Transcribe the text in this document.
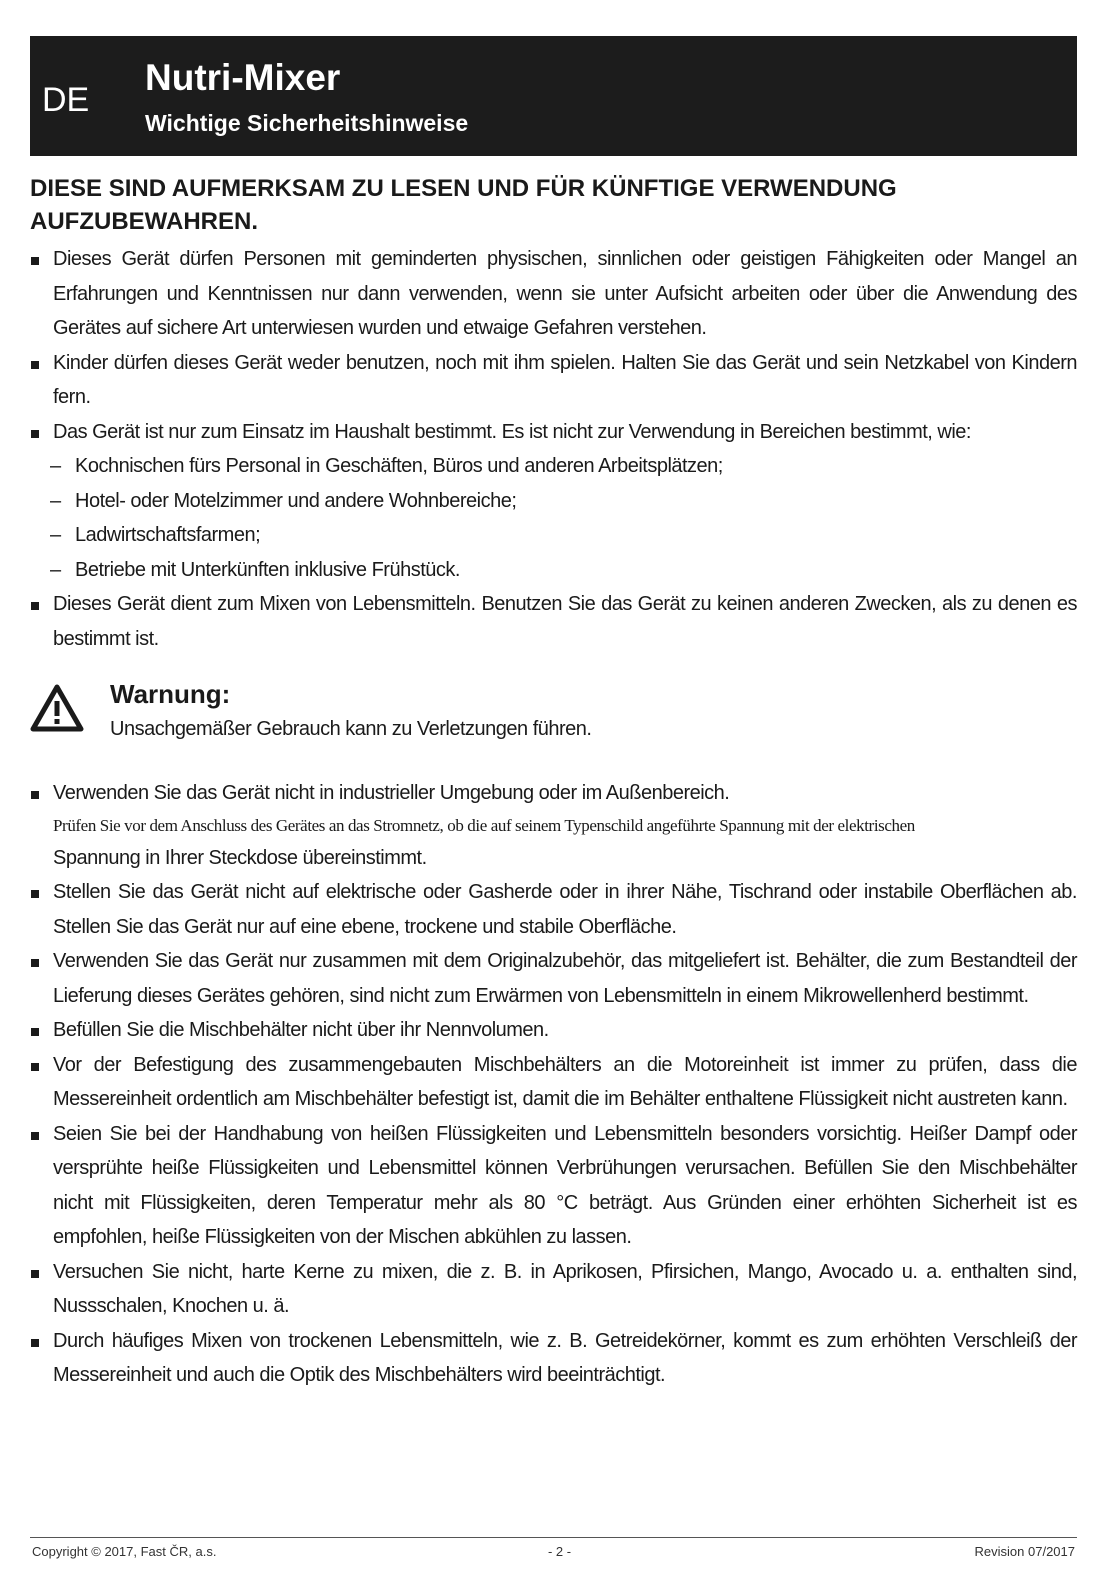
DE
Nutri-Mixer
Wichtige Sicherheitshinweise
DIESE SIND AUFMERKSAM ZU LESEN UND FÜR KÜNFTIGE VERWENDUNG AUFZUBEWAHREN.
Dieses Gerät dürfen Personen mit geminderten physischen, sinnlichen oder geistigen Fähigkeiten oder Mangel an Erfahrungen und Kenntnissen nur dann verwenden, wenn sie unter Aufsicht arbeiten oder über die Anwendung des Gerätes auf sichere Art unterwiesen wurden und etwaige Gefahren verstehen.
Kinder dürfen dieses Gerät weder benutzen, noch mit ihm spielen. Halten Sie das Gerät und sein Netzkabel von Kindern fern.
Das Gerät ist nur zum Einsatz im Haushalt bestimmt. Es ist nicht zur Verwendung in Bereichen bestimmt, wie:
– Kochnischen fürs Personal in Geschäften, Büros und anderen Arbeitsplätzen;
– Hotel- oder Motelzimmer und andere Wohnbereiche;
– Ladwirtschaftsfarmen;
– Betriebe mit Unterkünften inklusive Frühstück.
Dieses Gerät dient zum Mixen von Lebensmitteln. Benutzen Sie das Gerät zu keinen anderen Zwecken, als zu denen es bestimmt ist.
Warnung:
Unsachgemäßer Gebrauch kann zu Verletzungen führen.
Verwenden Sie das Gerät nicht in industrieller Umgebung oder im Außenbereich.
Prüfen Sie vor dem Anschluss des Gerätes an das Stromnetz, ob die auf seinem Typenschild angeführte Spannung mit der elektrischen
Spannung in Ihrer Steckdose übereinstimmt.
Stellen Sie das Gerät nicht auf elektrische oder Gasherde oder in ihrer Nähe, Tischrand oder instabile Oberflächen ab. Stellen Sie das Gerät nur auf eine ebene, trockene und stabile Oberfläche.
Verwenden Sie das Gerät nur zusammen mit dem Originalzubehör, das mitgeliefert ist. Behälter, die zum Bestandteil der Lieferung dieses Gerätes gehören, sind nicht zum Erwärmen von Lebensmitteln in einem Mikrowellenherd bestimmt.
Befüllen Sie die Mischbehälter nicht über ihr Nennvolumen.
Vor der Befestigung des zusammengebauten Mischbehälters an die Motoreinheit ist immer zu prüfen, dass die Messereinheit ordentlich am Mischbehälter befestigt ist, damit die im Behälter enthaltene Flüssigkeit nicht austreten kann.
Seien Sie bei der Handhabung von heißen Flüssigkeiten und Lebensmitteln besonders vorsichtig. Heißer Dampf oder versprühte heiße Flüssigkeiten und Lebensmittel können Verbrühungen verursachen. Befüllen Sie den Mischbehälter nicht mit Flüssigkeiten, deren Temperatur mehr als 80 °C beträgt. Aus Gründen einer erhöhten Sicherheit ist es empfohlen, heiße Flüssigkeiten von der Mischen abkühlen zu lassen.
Versuchen Sie nicht, harte Kerne zu mixen, die z. B. in Aprikosen, Pfirsichen, Mango, Avocado u. a. enthalten sind, Nussschalen, Knochen u. ä.
Durch häufiges Mixen von trockenen Lebensmitteln, wie z. B. Getreidekörner, kommt es zum erhöhten Verschleiß der Messereinheit und auch die Optik des Mischbehälters wird beeinträchtigt.
Copyright © 2017, Fast ČR, a.s.	- 2 -	Revision 07/2017
